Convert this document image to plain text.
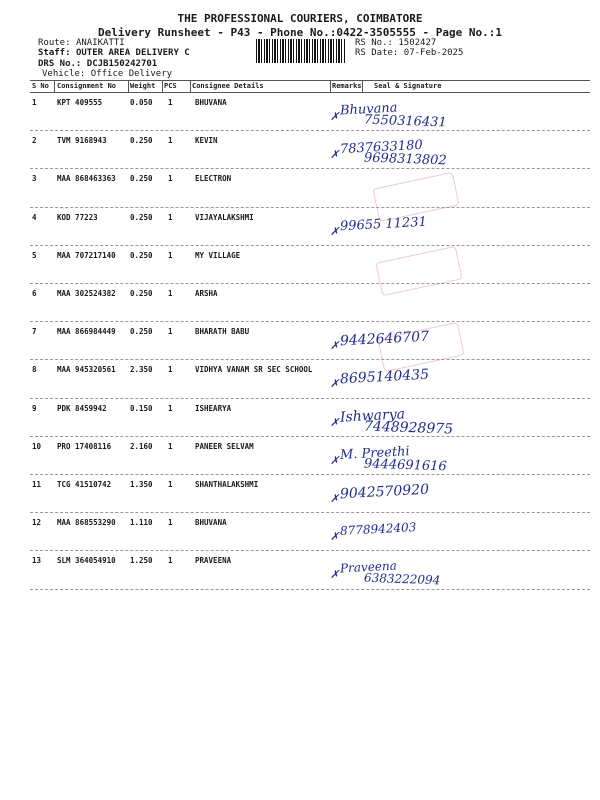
THE PROFESSIONAL COURIERS, COIMBATORE
Delivery Runsheet - P43 - Phone No.:0422-3505555 - Page No.:1
Route: ANAIKATTI
Staff: OUTER AREA DELIVERY C
DRS No.: DCJB150242701
Vehicle: Office Delivery
RS No.: 1502427
RS Date: 07-Feb-2025
S No Consignment No Weight PCS Consignee Details	Remarks Seal & Signature
1	KPT 409555	0.050 1	BHUVANA	Bhuvana
7550316431
✗
2	TVM 9168943	0.250 1	KEVIN	7837633180
9698313802
✗
3	MAA 868463363 0.250 1	ELECTRON
4	KOD 77223	0.250 1	VIJAYALAKSHMI	99655 11231
✗
5	MAA 707217140 0.250 1	MY VILLAGE
6	MAA 302524382 0.250 1	ARSHA
7	MAA 866984449 0.250 1	BHARATH BABU	9442646707
✗
8	MAA 945320561 2.350 1	VIDHYA VANAM SR SEC SCHOOL 8695140435
✗
9	PDK 8459942	0.150 1	ISHEARYA	Ishwarya
7448928975
✗
10 PRO 17408116	2.160 1	PANEER SELVAM	M. Preethi
9444691616
✗
11 TCG 41510742	1.350 1	SHANTHALAKSHMI	9042570920
✗
12 MAA 868553290 1.110 1	BHUVANA	8778942403
✗
13 SLM 364054910 1.250 1	PRAVEENA	Praveena
6383222094
✗
